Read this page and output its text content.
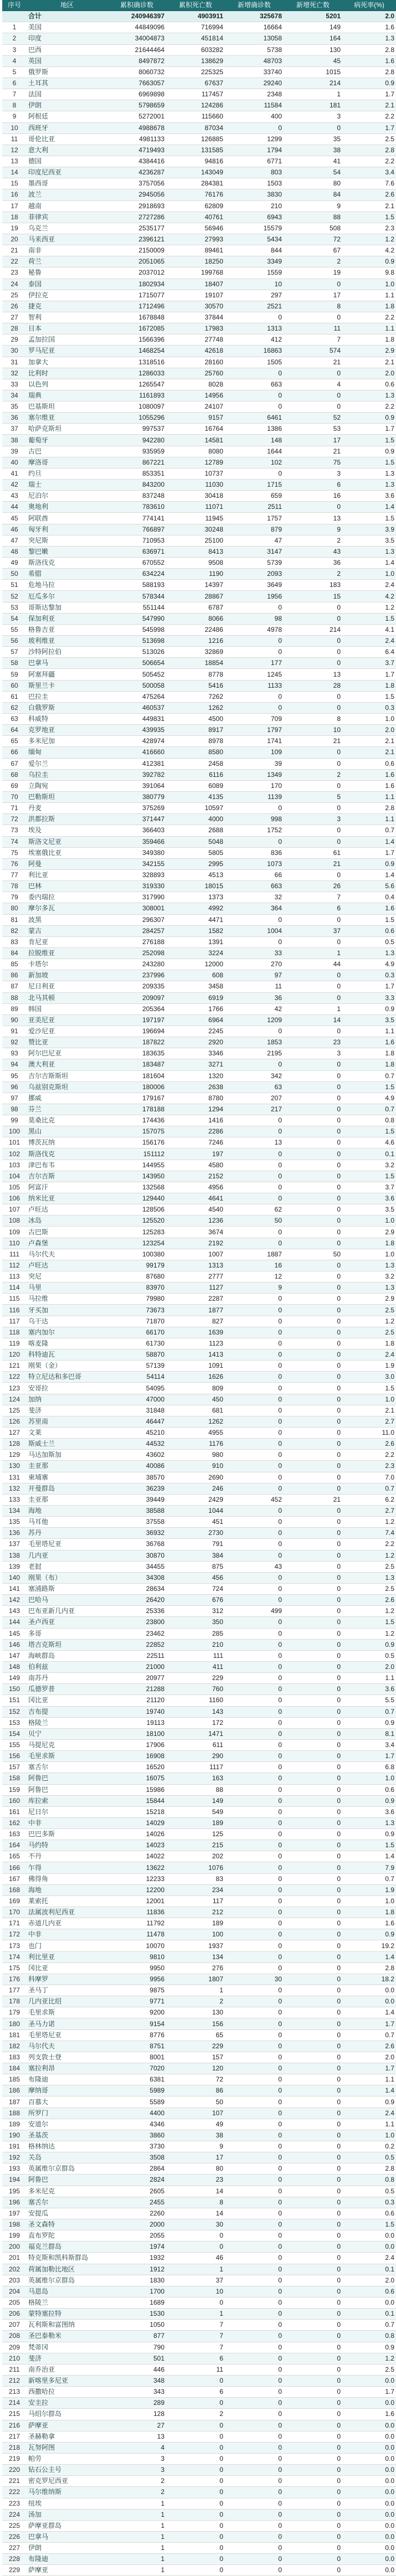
序号	地区	累积确诊数	累积死亡数	新增确诊数	新增死亡数	病死率(%)
	合计	240946397	4903911	325678	5201	2.0
1	美国	44849096	716994	16664	149	1.6
2	印度	34004873	451814	13058	164	1.3
3	巴西	21644464	603282	5738	130	2.8
4	英国	8497872	138629	48703	45	1.6
5	俄罗斯	8060732	225325	33740	1015	2.8
6	土耳其	7663057	67637	29240	214	0.9
7	法国	6969898	117457	2348	1	1.7
8	伊朗	5798659	124286	11584	181	2.1
9	阿根廷	5272001	115660	400	3	2.2
10	西班牙	4988678	87034	0	0	1.7
11	哥伦比亚	4981133	126885	1299	35	2.5
12	意大利	4719493	131585	1794	38	2.8
13	德国	4384416	94816	6771	41	2.2
14	印度尼西亚	4236287	143049	803	54	3.4
15	墨西哥	3757056	284381	1503	80	7.6
16	波兰	2945056	76176	3830	84	2.6
17	越南	2918693	62809	210	9	2.1
18	菲律宾	2727286	40761	6943	88	1.5
19	乌克兰	2535177	56946	15579	508	2.3
20	马来西亚	2396121	27993	5434	72	1.2
21	南非	2150009	89461	844	67	4.2
22	荷兰	2051065	18250	3349	2	0.9
23	秘鲁	2037012	199768	1559	19	9.8
24	泰国	1802934	18407	10	0	1.0
25	伊拉克	1715077	19107	297	17	1.1
26	捷克	1712496	30570	2521	8	1.8
27	智利	1678848	37844	0	0	2.2
28	日本	1672085	17983	1313	11	1.1
29	孟加拉国	1566396	27748	412	7	1.8
30	罗马尼亚	1468254	42618	16863	574	2.9
31	加拿大	1318516	28160	1505	21	2.1
32	比利时	1286033	25760	0	0	2.0
33	以色列	1265547	8028	663	4	0.6
34	瑞典	1161893	14956	0	0	1.3
35	巴基斯坦	1080097	24107	0	0	2.2
36	塞尔维亚	1055296	9157	6461	52	0.9
37	哈萨克斯坦	997537	16764	1386	53	1.7
38	葡萄牙	942280	14581	148	17	1.5
39	古巴	935959	8080	1644	21	0.9
40	摩洛哥	867221	12789	102	75	1.5
41	约旦	853351	10737	0	3	1.3
42	瑞士	843200	11030	1715	6	1.3
43	尼泊尔	837248	30418	659	16	3.6
44	奥地利	783610	11071	2511	0	1.4
45	阿联酋	774141	11945	1757	13	1.5
46	匈牙利	766897	30248	879	9	3.9
47	突尼斯	710953	25100	47	2	3.5
48	黎巴嫩	636971	8413	3147	43	1.3
49	斯洛伐克	670552	9508	5739	36	1.4
50	希腊	634224	1190	2093	2	1.0
51	危地马拉	588193	14397	3649	183	2.4
52	厄瓜多尔	578344	28867	1956	15	4.2
53	哥斯达黎加	551144	6787	0	0	1.2
54	保加利亚	547990	8066	98	0	1.5
55	格鲁吉亚	545998	22486	4978	214	4.1
56	玻利维亚	513698	1216	0	0	2.4
57	沙特阿拉伯	513026	32869	0	0	6.4
58	巴拿马	506654	18854	177	0	3.7
59	阿塞拜疆	505452	8778	1245	13	1.7
60	斯里兰卡	500058	5416	1133	28	1.8
61	巴拉圭	475264	7262	0	0	1.5
62	白俄罗斯	460537	1262	0	0	0.3
63	科威特	449831	4500	709	8	1.0
64	克罗地亚	439935	8917	1797	10	2.0
65	多米尼加	428974	8978	1741	21	2.1
66	缅甸	416660	8580	109	0	2.1
67	爱尔兰	412381	2458	39	0	0.6
68	乌拉圭	392782	6116	1349	2	1.6
69	立陶宛	391064	6089	170	0	1.6
70	巴勒斯坦	380779	4135	1139	5	1.1
71	丹麦	375269	10597	0	0	2.8
72	洪都拉斯	371447	4000	998	3	1.1
73	埃及	366403	2688	1752	0	0.7
74	斯洛文尼亚	359466	5048	0	0	1.4
75	埃塞俄比亚	349380	5805	836	61	1.7
76	阿曼	342155	2995	1073	21	0.9
77	利比亚	328893	4513	66	0	1.4
78	巴林	319330	18015	663	26	5.6
79	委内瑞拉	317990	1373	32	7	0.4
80	摩尔多瓦	308001	4992	364	6	1.6
81	波黑	296307	4471	0	0	1.5
82	蒙古	284257	1582	1004	37	0.6
83	肯尼亚	276188	1391	0	0	0.5
84	拉脱维亚	252098	3224	33	1	1.3
85	卡塔尔	243280	12000	270	44	4.9
86	新加坡	237996	608	97	0	0.3
87	尼日利亚	209335	3458	11	0	1.7
88	北马其顿	209097	6919	36	0	3.3
89	韩国	205364	1766	42	1	0.9
90	亚美尼亚	197197	6964	1209	14	3.5
91	爱沙尼亚	196694	2245	0	0	1.1
92	赞比亚	187822	2920	1853	23	1.6
93	阿尔巴尼亚	183635	3346	2195	3	1.8
94	澳大利亚	183487	3271	0	0	1.8
95	吉尔吉斯斯坦	181604	1320	342	0	0.7
96	乌兹别克斯坦	180006	2638	63	0	1.5
97	挪威	179167	8780	207	0	4.9
98	芬兰	178188	1294	217	0	0.7
99	莫桑比克	174436	1416	0	0	0.8
100	黑山	157075	2286	0	0	1.5
101	博茨瓦纳	156176	7246	13	0	4.6
102	斯洛伐克	151112	197	0	0	0.1
103	津巴布韦	144955	4580	0	0	3.2
104	吉尔吉斯	143950	2152	0	0	1.5
105	阿富汗	132568	4956	0	0	3.7
106	纳米比亚	129440	4641	0	0	3.6
107	卢旺达	128506	4540	62	0	3.5
108	冰岛	125520	1236	50	0	1.0
109	古巴斯	125283	3674	0	0	2.9
110	卢森堡	123254	2192	0	0	1.8
111	马尔代夫	100380	1007	1887	50	1.0
112	卢旺达	99179	1313	16	0	1.3
113	突尼	87680	2777	12	0	3.2
114	马里	83970	1127	9	0	1.3
115	马拉维	79980	2287	0	0	2.9
116	牙买加	73673	1877	0	0	2.5
117	乌干达	71870	827	0	0	1.2
118	塞内加尔	66170	1639	0	0	2.5
119	喀麦隆	61730	1123	0	0	1.8
120	科特迪瓦	58870	1413	0	0	2.4
121	刚果（金）	57139	1091	0	0	1.9
122	特立尼达和多巴哥	54114	1626	0	0	3.0
123	安哥拉	54095	809	0	0	1.5
124	加纳	47000	450	0	0	1.0
125	斐济	31848	681	0	0	2.1
126	苏里南	46447	1262	0	0	2.7
127	文莱	45210	4955	0	0	11.0
128	斯威士兰	44532	1176	0	0	2.6
129	马达加斯加	43602	980	0	0	2.2
130	圭亚那	40086	910	0	0	2.3
131	柬埔寨	38570	2690	0	0	7.0
132	开曼群岛	36239	246	0	0	0.7
133	圭亚那	39449	2429	452	21	6.2
134	海地	38588	1044	0	0	2.7
135	马耳他	37558	451	0	0	1.2
136	苏丹	36932	2730	0	0	7.4
137	毛里塔尼亚	36768	791	0	0	2.2
138	几内亚	30870	384	0	0	1.2
139	老挝	34455	875	43	0	2.5
140	刚果（布）	34308	456	0	0	1.3
141	塞浦路斯	28634	724	0	0	2.5
142	巴哈马	26420	676	0	0	2.6
143	巴布亚新几内亚	25336	312	499	0	1.2
144	圣卢西亚	23800	350	0	0	1.5
145	多哥	23462	285	0	0	1.2
146	塔吉克斯坦	22852	210	0	0	0.9
147	海峡群岛	22511	111	0	0	0.5
148	伯利兹	21000	411	0	0	2.0
149	南苏丹	20977	229	0	0	1.1
150	瓜德罗普	21288	760	0	0	3.6
151	冈比亚	21120	1160	0	0	5.5
152	吉布提	19740	143	0	0	0.7
153	格陵兰	19113	172	0	0	0.9
154	贝宁	18100	1471	0	0	8.1
155	马提尼克	17906	611	0	0	3.4
156	毛里求斯	16908	290	0	0	1.7
157	塞舌尔	16520	1117	0	0	6.8
158	阿鲁巴	16075	163	0	0	1.0
159	阿鲁巴	15986	88	0	0	0.6
160	库拉索	15844	149	0	0	0.9
161	尼日尔	15218	549	0	0	3.6
162	中非	14029	189	0	0	1.3
163	巴巴多斯	14026	125	0	0	0.9
164	马约特	14023	215	0	0	1.5
165	不丹	14022	202	0	0	1.4
166	乍得	13622	1076	0	0	7.9
167	佛得角	12233	83	0	0	0.7
168	海地	12200	234	0	0	1.9
169	莱索托	12001	117	0	0	1.0
170	法属波利尼西亚	11836	212	0	0	1.8
171	赤道几内亚	11792	189	0	0	1.6
172	中非	11478	100	0	0	0.9
173	也门	10070	1937	0	0	19.2
174	利比里亚	9810	134	0	0	1.4
175	冈比亚	9950	276	0	0	2.8
176	科摩罗	9956	1807	30	0	18.2
177	圣马丁	9875	1	0	0	0.0
178	几内亚比绍	9771	2	0	0	0.0
179	毛里求斯	9200	130	0	0	1.4
180	圣马力诺	9154	156	0	0	1.7
181	毛里塔尼亚	8776	65	0	0	0.7
182	马尔代夫	8751	229	0	0	2.6
183	列支敦士登	8001	157	0	0	2.0
184	塞拉利昂	7020	120	0	0	1.7
185	布隆迪	6381	72	0	0	1.1
186	摩纳哥	5989	86	0	0	1.4
187	百慕大	5589	50	0	0	0.9
188	所罗门	4400	107	0	0	2.4
189	安道尔	4346	49	0	0	1.1
190	圣基茨	3860	38	0	0	1.0
191	格林纳达	3730	9	0	0	0.2
192	关岛	3508	17	0	0	0.5
193	英属维尔京群岛	2864	80	0	0	2.8
194	阿鲁巴	2824	23	0	0	0.8
195	多米尼克	2605	14	0	0	0.5
196	塞舌尔	2455	8	0	0	0.3
197	安提瓜	2260	14	0	0	0.6
198	圣文森特	2000	30	0	0	1.5
199	直布罗陀	2055	0	0	0	0.0
200	福克兰群岛	1974	0	0	0	0.0
201	特克斯和凯科斯群岛	1932	46	0	0	2.4
202	荷属加勒比地区	1912	1	0	0	0.1
203	英属维尔京群岛	1830	37	0	0	2.0
204	马恩岛	1700	10	0	0	0.6
205	格陵兰	1689	0	0	0	0.0
206	蒙特塞拉特	1530	1	0	0	0.1
207	瓦利斯和富图纳	1050	7	0	0	0.7
208	圣巴泰勒米	877	7	0	0	0.8
209	梵蒂冈	790	7	0	0	0.9
210	斐济	501	6	0	0	1.2
211	南乔治亚	446	11	0	0	2.5
212	新喀里多尼亚	348	0	0	0	0.0
213	西撒哈拉	343	6	0	0	1.7
214	安圭拉	289	0	0	0	0.0
215	马绍尔群岛	128	2	0	0	1.6
216	萨摩亚	27	0	0	0	0.0
217	圣赫勒拿	13	0	0	0	0.0
218	瓦努阿图	4	0	0	0	0.0
219	帕劳	3	0	0	0	0.0
220	钻石公主号	3	0	0	0	0.0
221	密克罗尼西亚	2	0	0	0	0.0
222	马尔维纳斯	2	0	0	0	0.0
223	纽埃	1	0	0	0	0.0
224	汤加	1	0	0	0	0.0
225	萨摩亚群岛	1	0	0	0	0.0
226	巴拿马	1	0	0	0	0.0
227	伊朗	1	0	0	0	0.0
228	布隆迪	1	0	0	0	0.0
229	萨摩亚	1	0	0	0	0.0
